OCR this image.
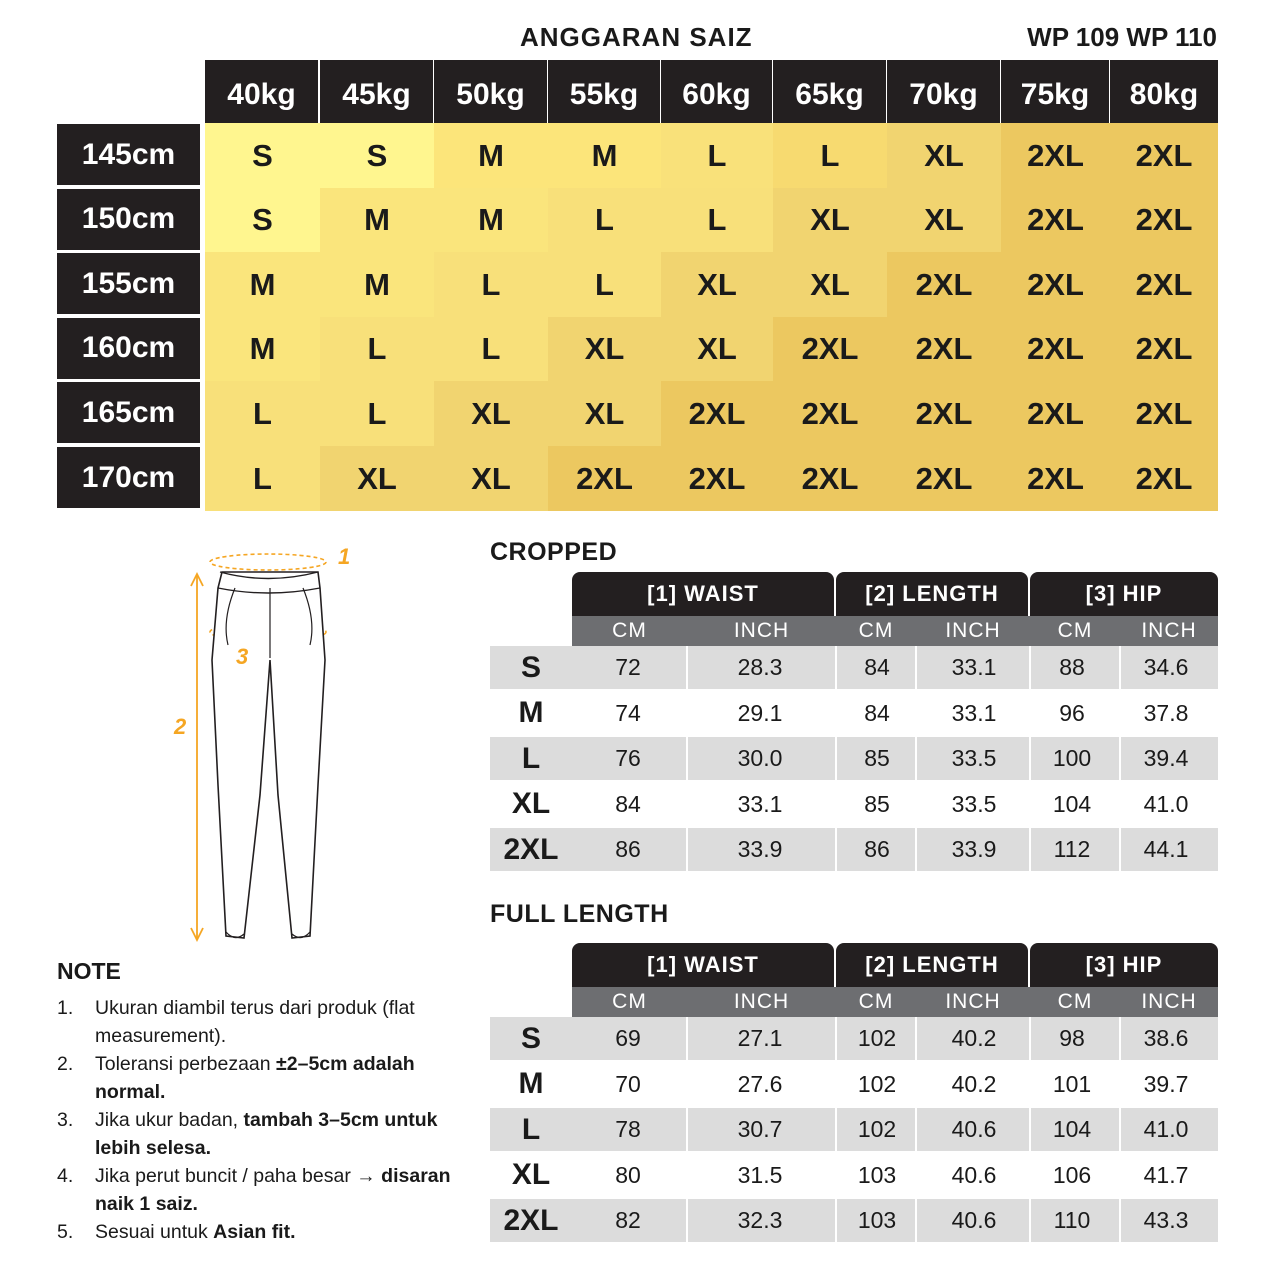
ANGGARAN SAIZ	WP 109 WP 110
40kg	45kg	50kg	55kg	60kg	65kg	70kg	75kg	80kg
145cm	S	S	M	M	L	L	XL	2XL	2XL
150cm	S	M	M	L	L	XL	XL	2XL	2XL
155cm	M	M	L	L	XL	XL	2XL	2XL	2XL
160cm	M	L	L	XL	XL	2XL	2XL	2XL	2XL
165cm	L	L	XL	XL	2XL	2XL	2XL	2XL	2XL
170cm	L	XL	XL	2XL	2XL	2XL	2XL	2XL	2XL
1
2
3
NOTE
1. Ukuran diambil terus dari produk (flat measurement).
2. Toleransi perbezaan ±2–5cm adalah normal.
3. Jika ukur badan, tambah 3–5cm untuk lebih selesa.
4. Jika perut buncit / paha besar → disaran naik 1 saiz.
5. Sesuai untuk Asian fit.
CROPPED
[1] WAIST	[2] LENGTH	[3] HIP
CM	INCH	CM	INCH	CM	INCH
S	72	28.3	84	33.1	88	34.6
M	74	29.1	84	33.1	96	37.8
L	76	30.0	85	33.5	100	39.4
XL	84	33.1	85	33.5	104	41.0
2XL	86	33.9	86	33.9	112	44.1
FULL LENGTH
[1] WAIST	[2] LENGTH	[3] HIP
CM	INCH	CM	INCH	CM	INCH
S	69	27.1	102	40.2	98	38.6
M	70	27.6	102	40.2	101	39.7
L	78	30.7	102	40.6	104	41.0
XL	80	31.5	103	40.6	106	41.7
2XL	82	32.3	103	40.6	110	43.3
